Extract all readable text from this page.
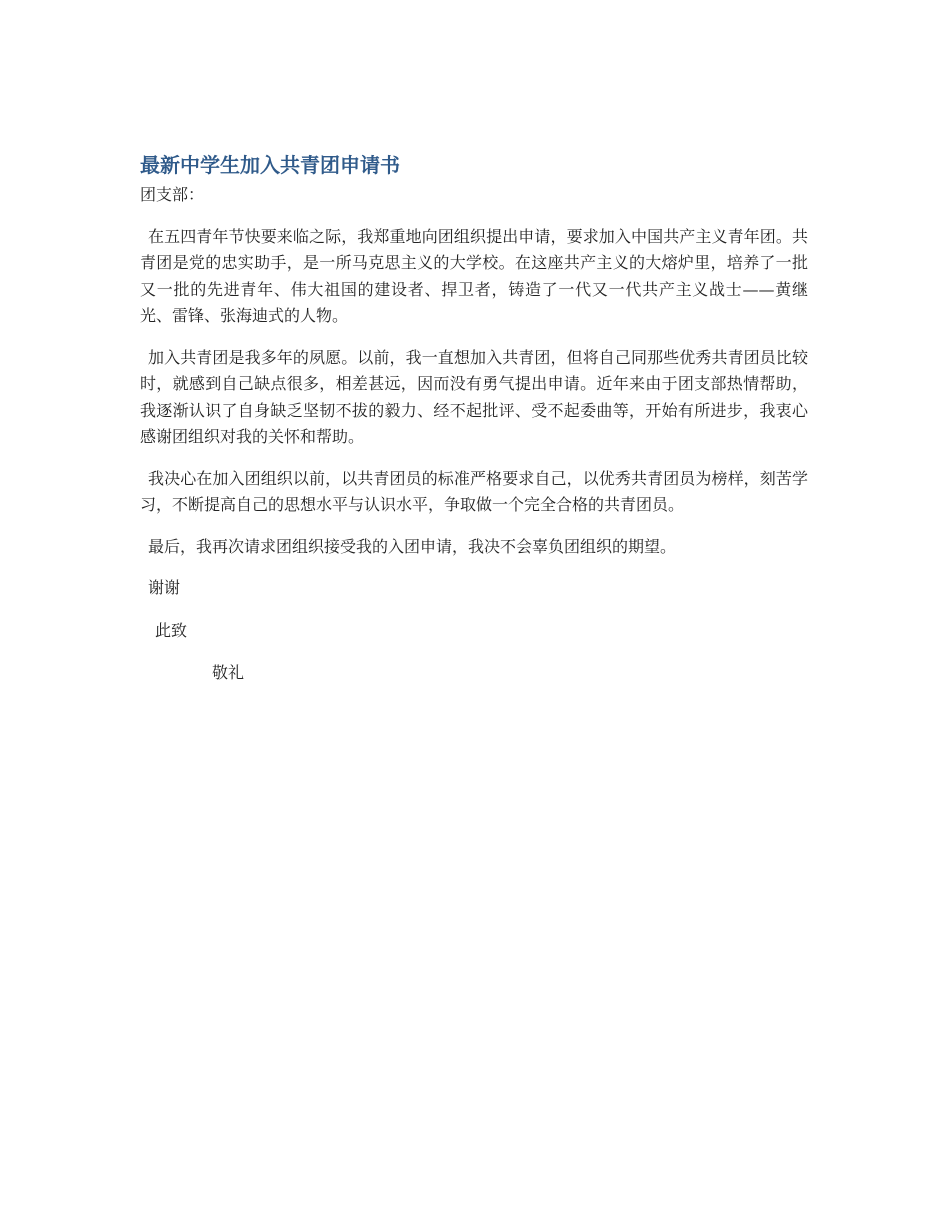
最新中学生加入共青团申请书

团支部：

在五四青年节快要来临之际，我郑重地向团组织提出申请，要求加入中国共产主义青年团。共青团是党的忠实助手，是一所马克思主义的大学校。在这座共产主义的大熔炉里，培养了一批又一批的先进青年、伟大祖国的建设者、捍卫者，铸造了一代又一代共产主义战士——黄继光、雷锋、张海迪式的人物。

加入共青团是我多年的夙愿。以前，我一直想加入共青团，但将自己同那些优秀共青团员比较时，就感到自己缺点很多，相差甚远，因而没有勇气提出申请。近年来由于团支部热情帮助，我逐渐认识了自身缺乏坚韧不拔的毅力、经不起批评、受不起委曲等，开始有所进步，我衷心感谢团组织对我的关怀和帮助。

我决心在加入团组织以前，以共青团员的标准严格要求自己，以优秀共青团员为榜样，刻苦学习，不断提高自己的思想水平与认识水平，争取做一个完全合格的共青团员。

最后，我再次请求团组织接受我的入团申请，我决不会辜负团组织的期望。

谢谢

此致

敬礼
